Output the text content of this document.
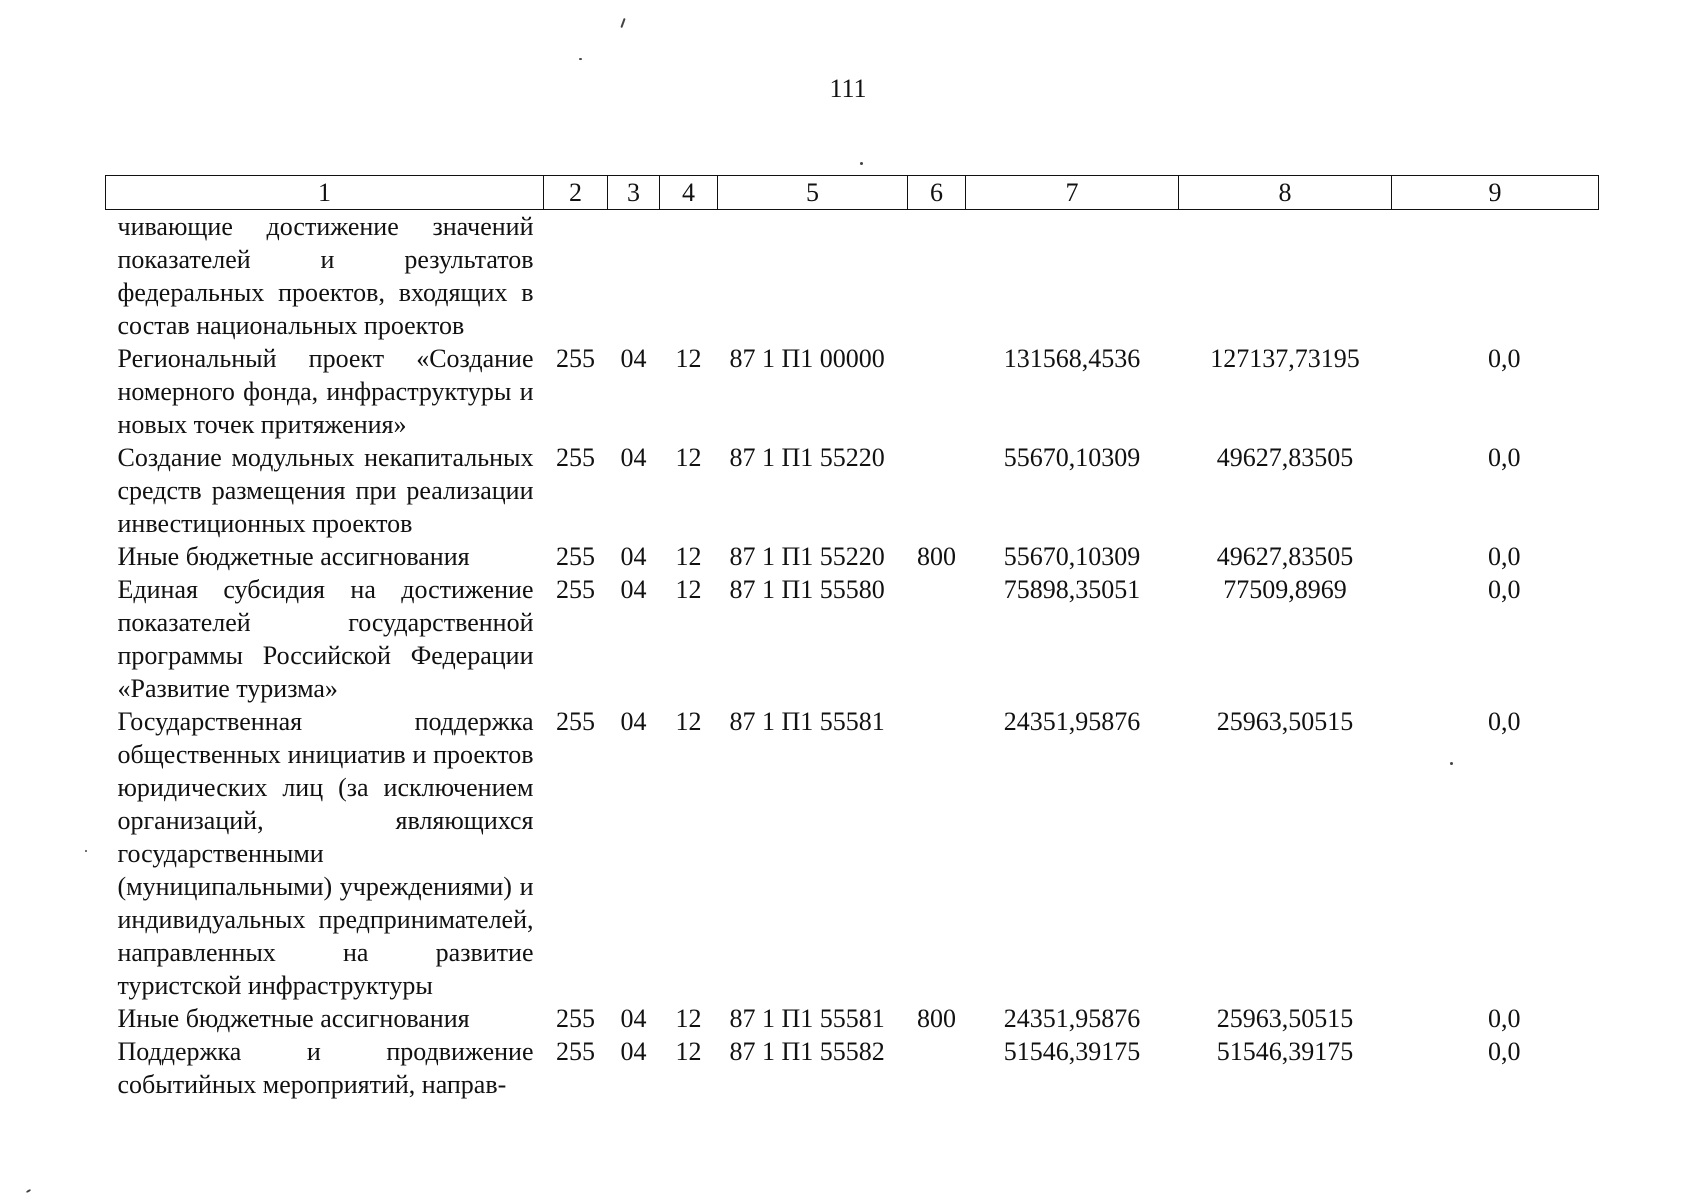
111
1	2	3	4	5	6	7	8	9
чивающие достижение значений показателей и результатов федеральных проектов, входящих в состав национальных проектов								
Региональный проект «Создание номерного фонда, инфраструктуры и новых точек притяжения»	255	04	12	87 1 П1 00000		131568,4536	127137,73195	0,0
Создание модульных некапитальных средств размещения при реализации инвестиционных проектов	255	04	12	87 1 П1 55220		55670,10309	49627,83505	0,0
Иные бюджетные ассигнования	255	04	12	87 1 П1 55220	800	55670,10309	49627,83505	0,0
Единая субсидия на достижение показателей государственной программы Российской Федерации «Развитие туризма»	255	04	12	87 1 П1 55580		75898,35051	77509,8969	0,0
Государственная поддержка общественных инициатив и проектов юридических лиц (за исключением организаций, являющихся государственными (муниципальными) учреждениями) и индивидуальных предпринимателей, направленных на развитие туристской инфраструктуры	255	04	12	87 1 П1 55581		24351,95876	25963,50515	0,0
Иные бюджетные ассигнования	255	04	12	87 1 П1 55581	800	24351,95876	25963,50515	0,0
Поддержка и продвижение событийных мероприятий, направ-	255	04	12	87 1 П1 55582		51546,39175	51546,39175	0,0
